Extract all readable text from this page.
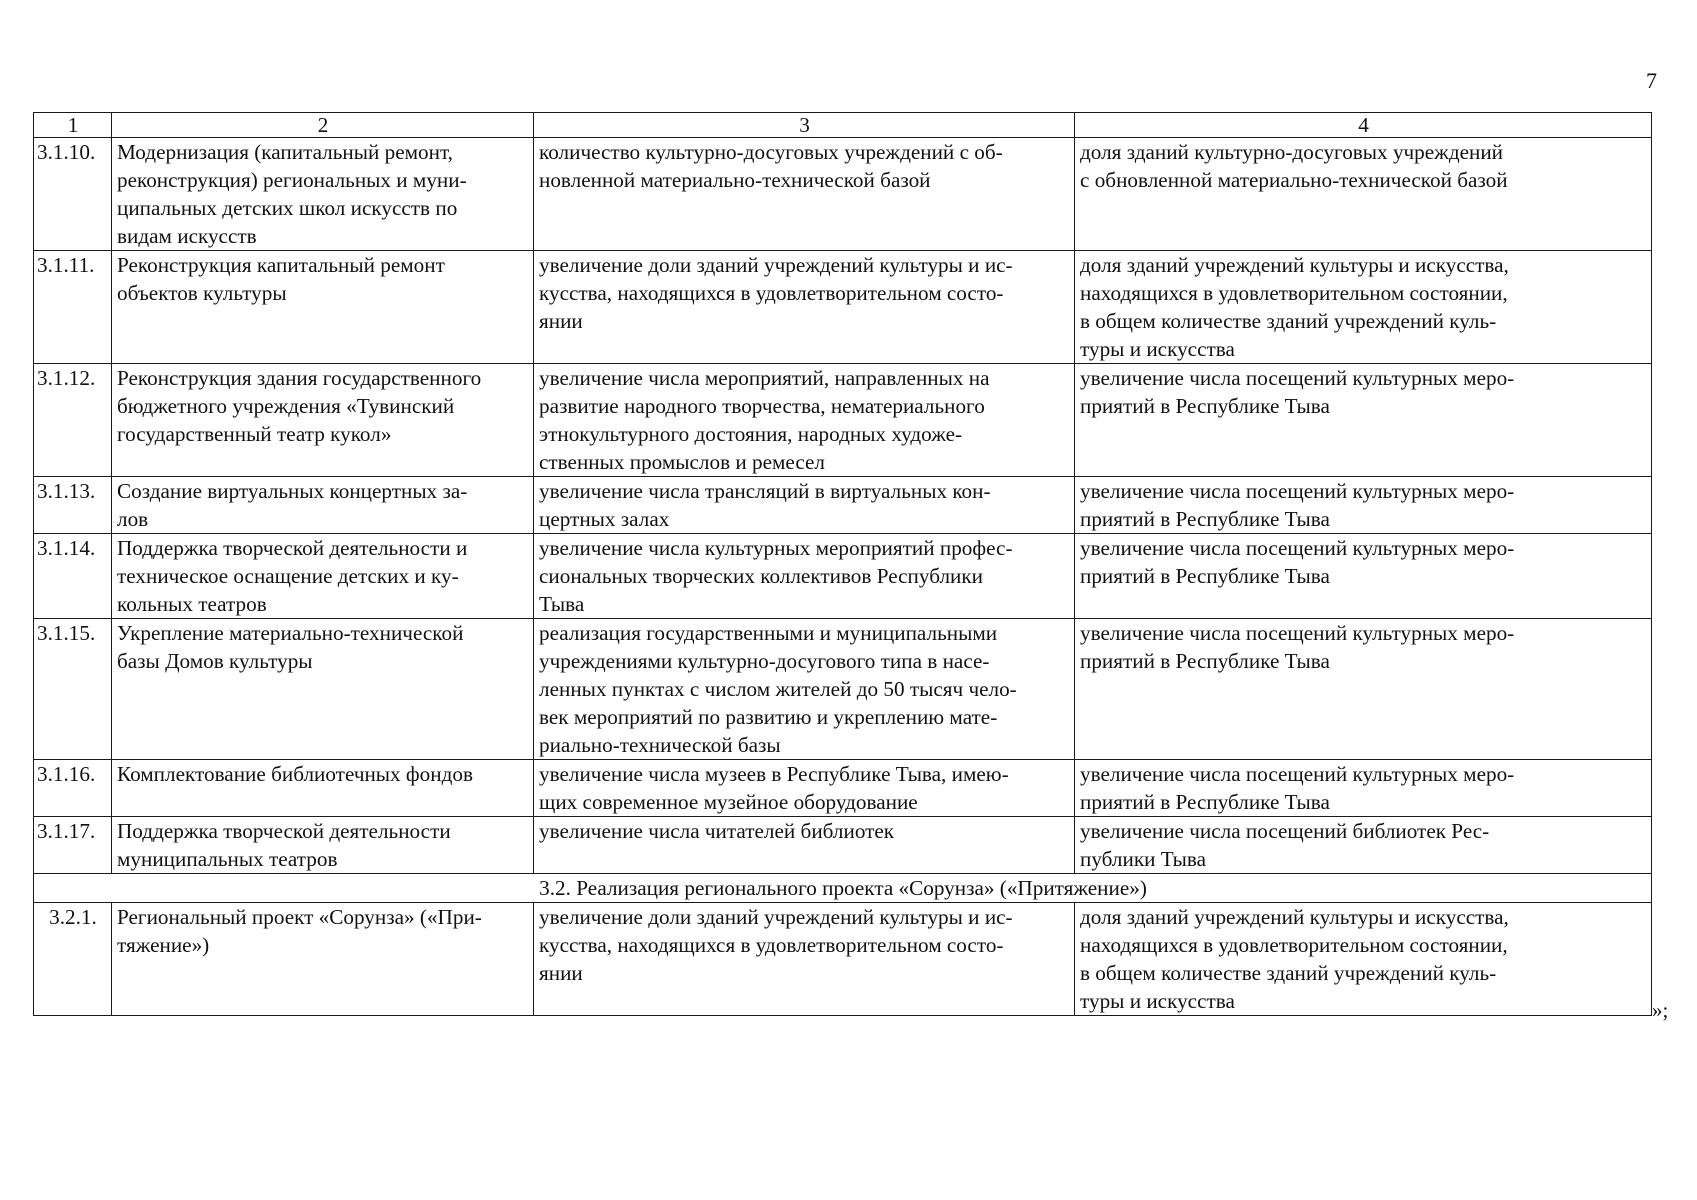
7
1	2	3	4
3.1.10.	Модернизация (капитальный ремонт,
реконструкция) региональных и муни-
ципальных детских школ искусств по
видам искусств	количество культурно-досуговых учреждений с об-
новленной материально-технической базой	доля зданий культурно-досуговых учреждений
с обновленной материально-технической базой
3.1.11.	Реконструкция капитальный ремонт
объектов культуры	увеличение доли зданий учреждений культуры и ис-
кусства, находящихся в удовлетворительном состо-
янии	доля зданий учреждений культуры и искусства,
находящихся в удовлетворительном состоянии,
в общем количестве зданий учреждений куль-
туры и искусства
3.1.12.	Реконструкция здания государственного
бюджетного учреждения «Тувинский
государственный театр кукол»	увеличение числа мероприятий, направленных на
развитие народного творчества, нематериального
этнокультурного достояния, народных художе-
ственных промыслов и ремесел	увеличение числа посещений культурных меро-
приятий в Республике Тыва
3.1.13.	Создание виртуальных концертных за-
лов	увеличение числа трансляций в виртуальных кон-
цертных залах	увеличение числа посещений культурных меро-
приятий в Республике Тыва
3.1.14.	Поддержка творческой деятельности и
техническое оснащение детских и ку-
кольных театров	увеличение числа культурных мероприятий профес-
сиональных творческих коллективов Республики
Тыва	увеличение числа посещений культурных меро-
приятий в Республике Тыва
3.1.15.	Укрепление материально-технической
базы Домов культуры	реализация государственными и муниципальными
учреждениями культурно-досугового типа в насе-
ленных пунктах с числом жителей до 50 тысяч чело-
век мероприятий по развитию и укреплению мате-
риально-технической базы	увеличение числа посещений культурных меро-
приятий в Республике Тыва
3.1.16.	Комплектование библиотечных фондов	увеличение числа музеев в Республике Тыва, имею-
щих современное музейное оборудование	увеличение числа посещений культурных меро-
приятий в Республике Тыва
3.1.17.	Поддержка творческой деятельности
муниципальных театров	увеличение числа читателей библиотек	увеличение числа посещений библиотек Рес-
публики Тыва
3.2. Реализация регионального проекта «Сорунза» («Притяжение»)			
3.2.1.	Региональный проект «Сорунза» («При-
тяжение»)	увеличение доли зданий учреждений культуры и ис-
кусства, находящихся в удовлетворительном состо-
янии	доля зданий учреждений культуры и искусства,
находящихся в удовлетворительном состоянии,
в общем количестве зданий учреждений куль-
туры и искусства	»;
